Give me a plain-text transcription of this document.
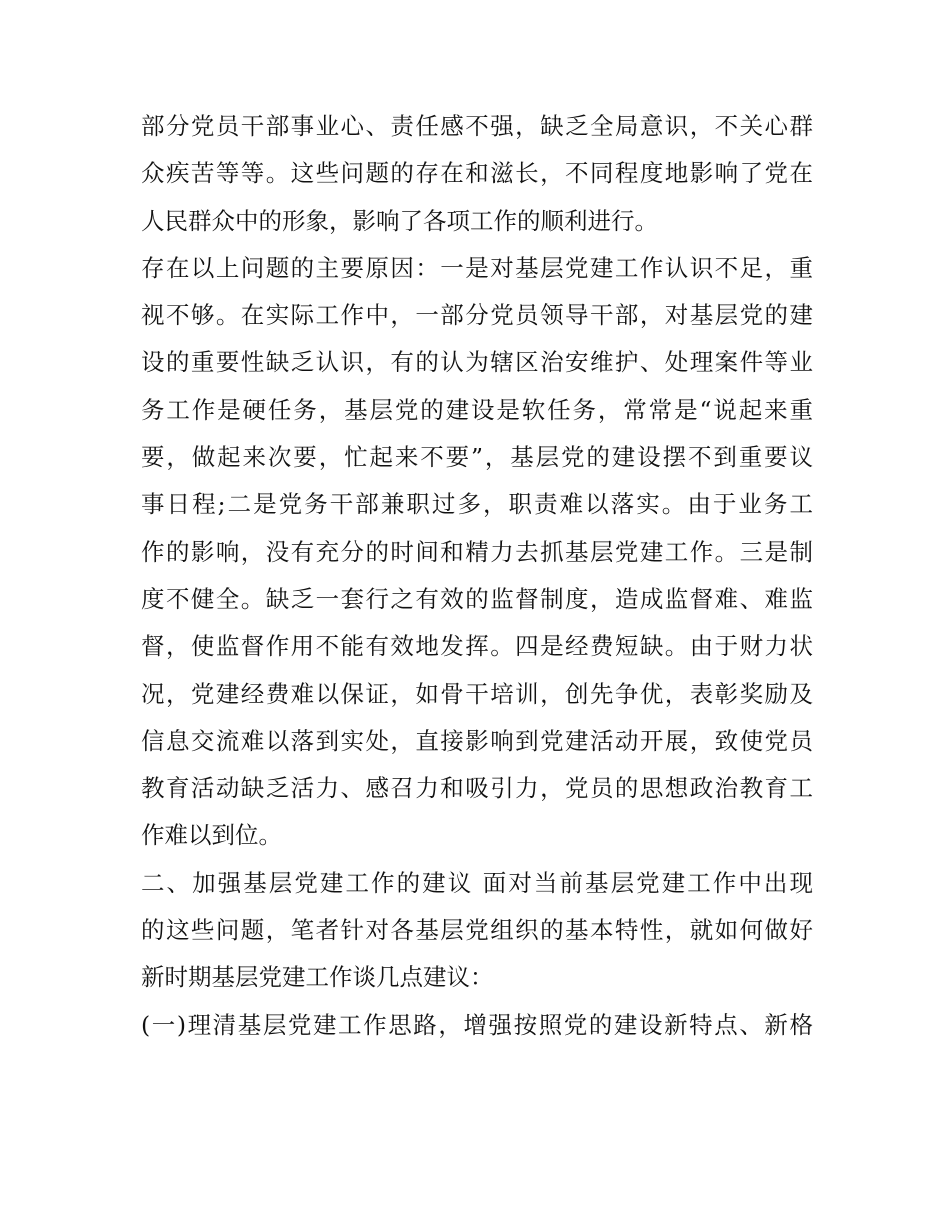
部分党员干部事业心、责任感不强，缺乏全局意识，不关心群
众疾苦等等。这些问题的存在和滋长，不同程度地影响了党在
人民群众中的形象，影响了各项工作的顺利进行。
存在以上问题的主要原因：一是对基层党建工作认识不足，重
视不够。在实际工作中，一部分党员领导干部，对基层党的建
设的重要性缺乏认识，有的认为辖区治安维护、处理案件等业
务工作是硬任务，基层党的建设是软任务，常常是“说起来重
要，做起来次要，忙起来不要”，基层党的建设摆不到重要议
事日程;二是党务干部兼职过多，职责难以落实。由于业务工
作的影响，没有充分的时间和精力去抓基层党建工作。三是制
度不健全。缺乏一套行之有效的监督制度，造成监督难、难监
督，使监督作用不能有效地发挥。四是经费短缺。由于财力状
况，党建经费难以保证，如骨干培训，创先争优，表彰奖励及
信息交流难以落到实处，直接影响到党建活动开展，致使党员
教育活动缺乏活力、感召力和吸引力，党员的思想政治教育工
作难以到位。
二、加强基层党建工作的建议 面对当前基层党建工作中出现
的这些问题，笔者针对各基层党组织的基本特性，就如何做好
新时期基层党建工作谈几点建议：
(一)理清基层党建工作思路，增强按照党的建设新特点、新格
